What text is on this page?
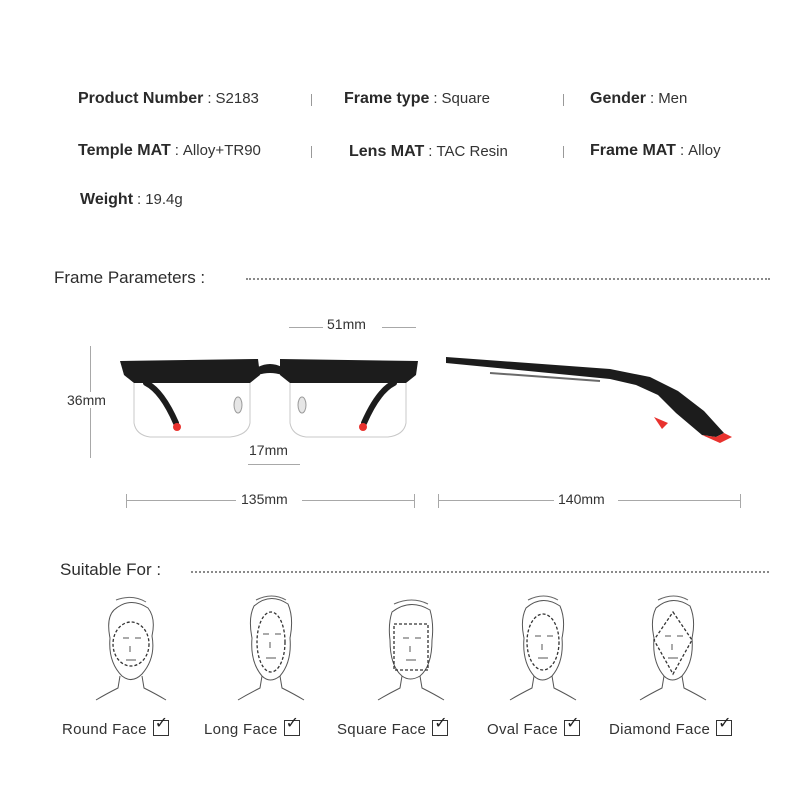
Product Number : S2183	Frame type : Square	Gender : Men
Temple MAT : Alloy+TR90	Lens MAT : TAC Resin	Frame MAT : Alloy
Weight : 19.4g
Frame Parameters :
51mm
36mm
17mm
135mm	140mm
Suitable For :
Round Face ✓ Long Face ✓	Square Face ✓	Oval Face ✓ Diamond Face ✓
